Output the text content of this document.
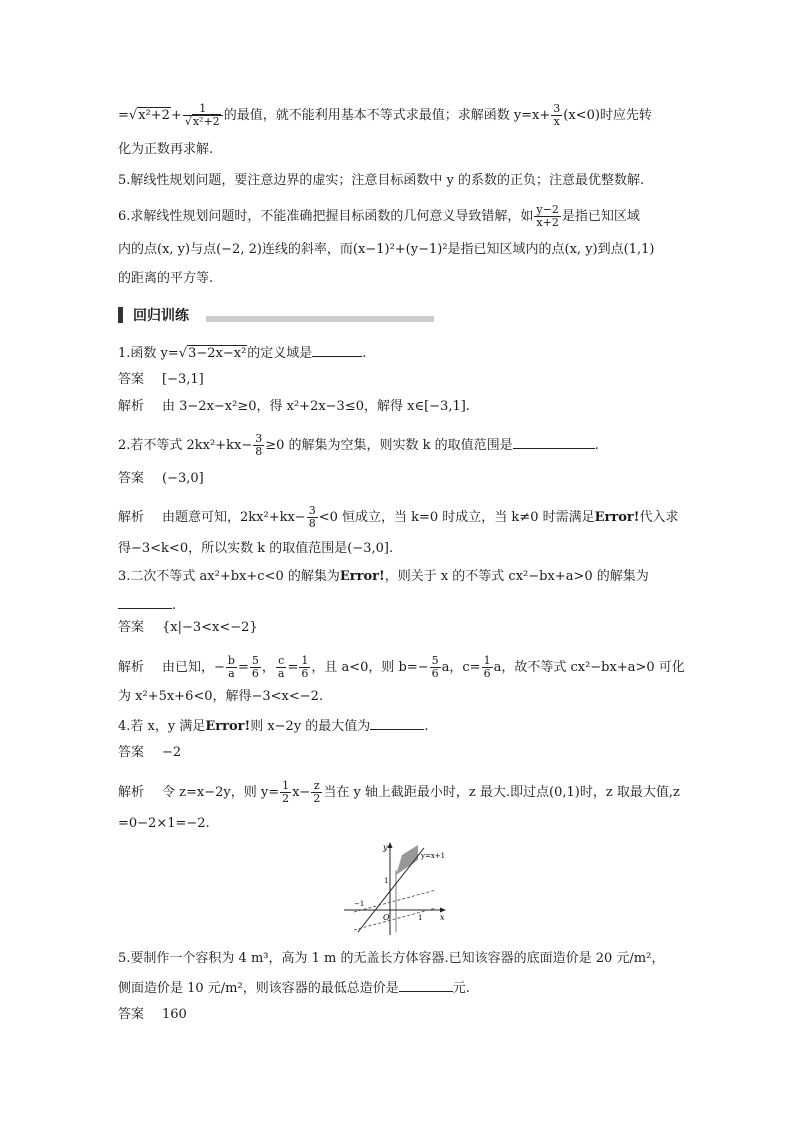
$=√x^2+2+ \frac{1}{\text{√x²+2}}$ 的最值，就不能利用基本不等式求最值；求解函数 $y=x+ \frac{3}{x} (x<0)$时应先转
化为正数再求解.
5.解线性规划问题，要注意边界的虚实；注意目标函数中 y 的系数的正负；注意最优整数解.
6.求解线性规划问题时，不能准确把握目标函数的几何意义导致错解，如 $\frac{y-2}{x+2}$ 是指已知区域
内的点(x, y)与点(−2, 2)连线的斜率，而(x−1)²+(y−1)²是指已知区域内的点(x, y)到点(1,1)
的距离的平方等.
回归训练
1.函数 y=√3−2x−x²的定义域是	.
答案 [−3,1]
解析 由 3−2x−x²≥0，得 x²+2x−3≤0，解得 x∈[−3,1].
2.若不等式 $2kx^2+kx- \frac{3}{8} \ge 0$ 的解集为空集，则实数 k 的取值范围是	.
答案 (−3,0]
解析 由题意可知，$2kx^2+kx- \frac{3}{8} <0$ 恒成立，当 k=0 时成立，当 k≠0 时需满足Error!代入求
得−3<k<0，所以实数 k 的取值范围是(−3,0].
3.二次不等式 ax²+bx+c<0 的解集为Error!，则关于 x 的不等式 cx²−bx+a>0 的解集为
.
答案 {x|−3<x<−2}
解析 由已知，− $\frac{b}{a} = \frac{5}{6}$ ， $\frac{c}{a} = \frac{1}{6}$ ，且 a<0，则 $b=- \frac{5}{6}$ a，$c= \frac{1}{6}$ a，故不等式 cx²−bx+a>0 可化
为 x²+5x+6<0，解得−3<x<−2.
4.若 x，y 满足Error!则 x−2y 的最大值为	.
答案 −2
解析 令 z=x−2y，则 $y= \frac{1}{2} x- \frac{z}{2}$ 当在 y 轴上截距最小时，z 最大.即过点(0,1)时，z 取最大值,z
=0−2×1=−2.
y
x
y=x+1
O
1
−1
1
5.要制作一个容积为 4 m³，高为 1 m 的无盖长方体容器.已知该容器的底面造价是 20 元/m²，
侧面造价是 10 元/m²，则该容器的最低总造价是	元.
答案 160
